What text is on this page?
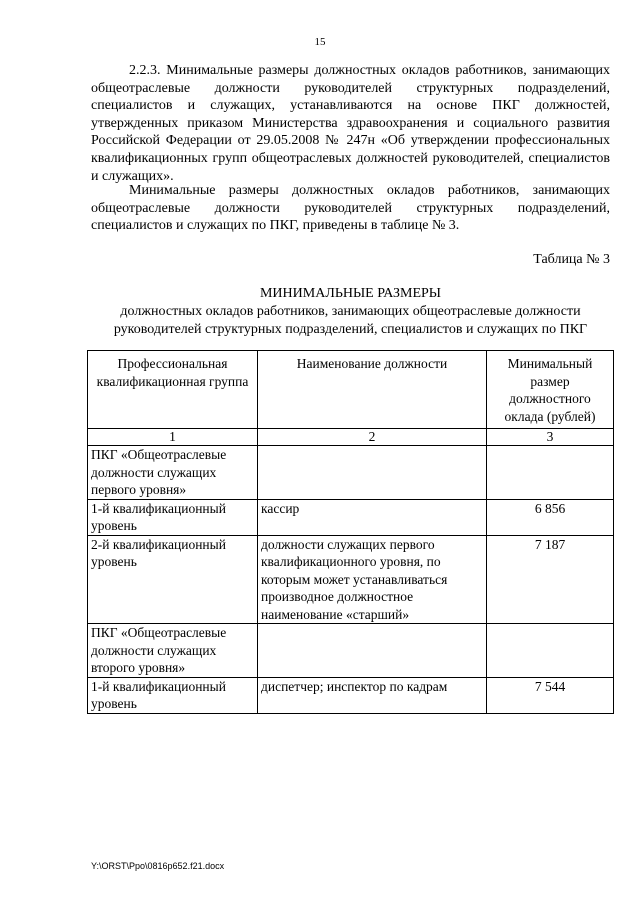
15

2.2.3. Минимальные размеры должностных окладов работников, занимающих общеотраслевые должности руководителей структурных подразделений, специалистов и служащих, устанавливаются на основе ПКГ должностей, утвержденных приказом Министерства здравоохранения и социального развития Российской Федерации от 29.05.2008 № 247н «Об утверждении профессиональных квалификационных групп общеотраслевых должностей руководителей, специалистов и служащих».

Минимальные размеры должностных окладов работников, занимающих общеотраслевые должности руководителей структурных подразделений, специалистов и служащих по ПКГ, приведены в таблице № 3.

Таблица № 3
МИНИМАЛЬНЫЕ РАЗМЕРЫ
должностных окладов работников, занимающих общеотраслевые должности руководителей структурных подразделений, специалистов и служащих по ПКГ
Профессиональная квалификационная группа	Наименование должности	Минимальный размер должностного оклада (рублей)
1	2	3
ПКГ «Общеотраслевые должности служащих первого уровня»		
1-й квалификационный уровень	кассир	6 856
2-й квалификационный уровень	должности служащих первого квалификационного уровня, по которым может устанавливаться производное должностное наименование «старший»	7 187
ПКГ «Общеотраслевые должности служащих второго уровня»		
1-й квалификационный уровень	диспетчер; инспектор по кадрам	7 544
Y:\ORST\Ppo\0816p652.f21.docx
